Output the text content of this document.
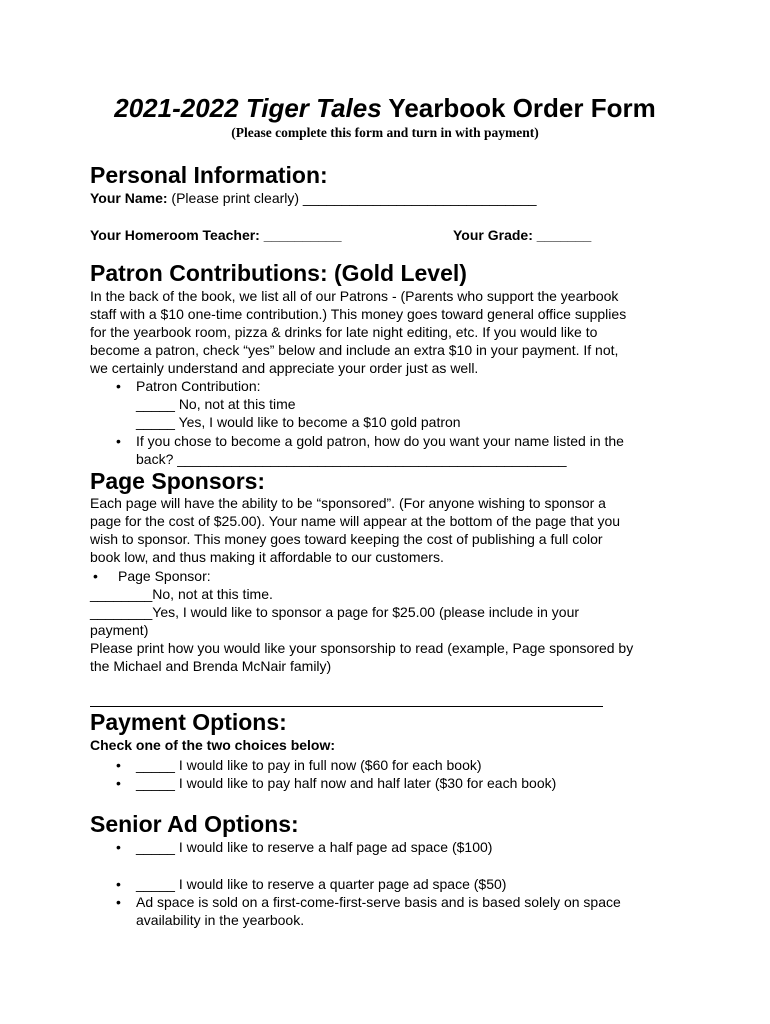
2021-2022 Tiger Tales Yearbook Order Form
(Please complete this form and turn in with payment)
Personal Information:
Your Name: (Please print clearly) ______________________________
Your Homeroom Teacher: __________	Your Grade: _______
Patron Contributions: (Gold Level)
In the back of the book, we list all of our Patrons - (Parents who support the yearbook
staff with a $10 one-time contribution.) This money goes toward general office supplies
for the yearbook room, pizza & drinks for late night editing, etc. If you would like to
become a patron, check “yes” below and include an extra $10 in your payment. If not,
we certainly understand and appreciate your order just as well.
• Patron Contribution:
_____ No, not at this time
_____ Yes, I would like to become a $10 gold patron
• If you chose to become a gold patron, how do you want your name listed in the
back? __________________________________________________
Page Sponsors:
Each page will have the ability to be “sponsored”. (For anyone wishing to sponsor a
page for the cost of $25.00). Your name will appear at the bottom of the page that you
wish to sponsor. This money goes toward keeping the cost of publishing a full color
book low, and thus making it affordable to our customers.
• Page Sponsor:
________No, not at this time.
________Yes, I would like to sponsor a page for $25.00 (please include in your
payment)
Please print how you would like your sponsorship to read (example, Page sponsored by
the Michael and Brenda McNair family)
Payment Options:
Check one of the two choices below:
• _____ I would like to pay in full now ($60 for each book)
• _____ I would like to pay half now and half later ($30 for each book)
Senior Ad Options:
• _____ I would like to reserve a half page ad space ($100)
• _____ I would like to reserve a quarter page ad space ($50)
• Ad space is sold on a first-come-first-serve basis and is based solely on space
availability in the yearbook.
